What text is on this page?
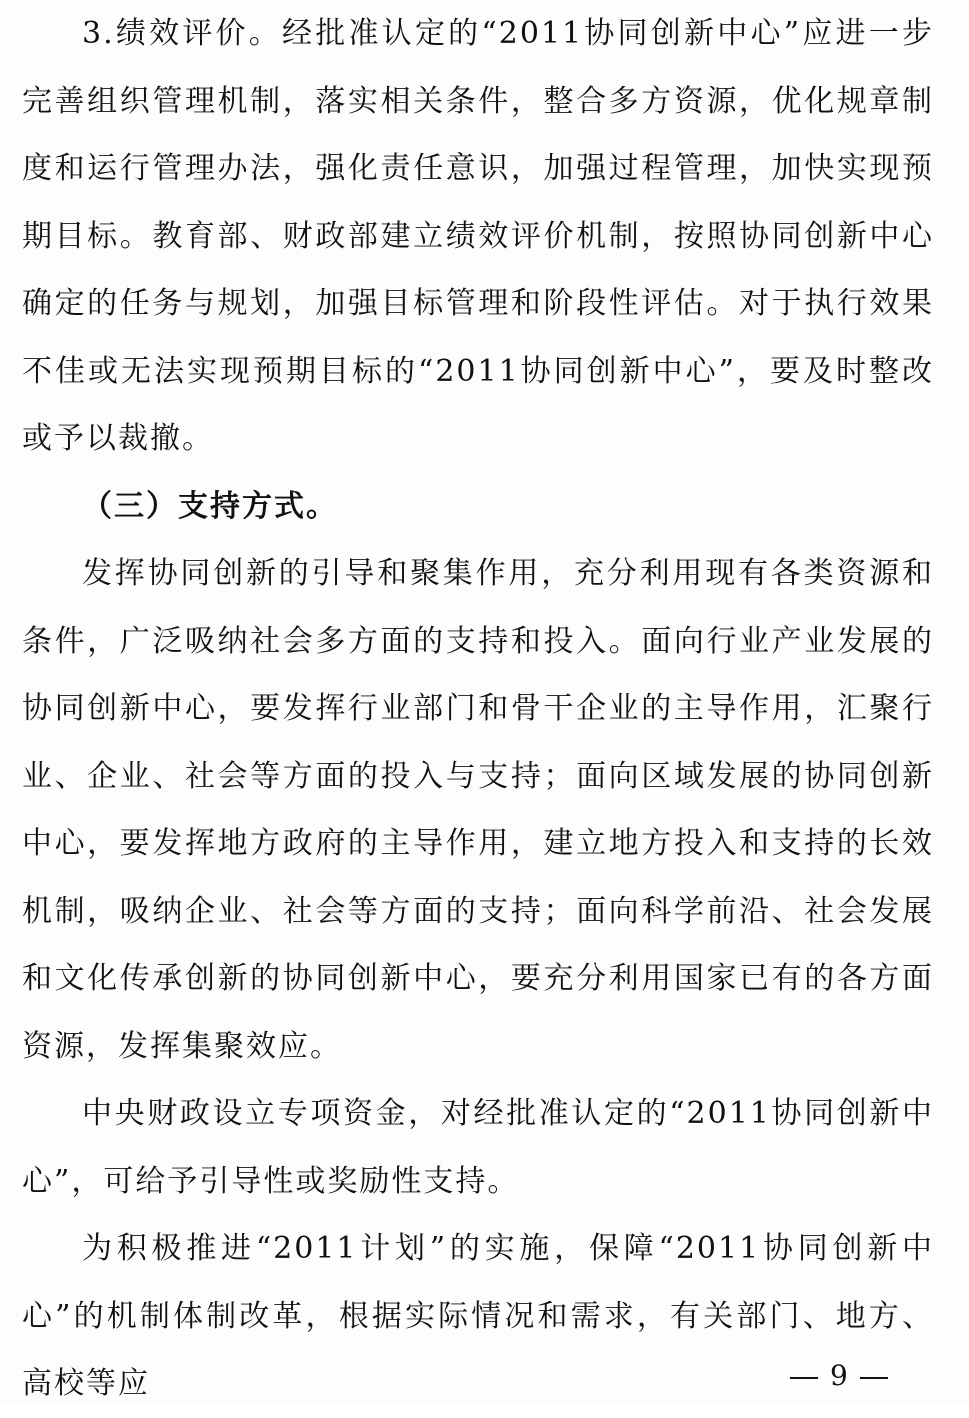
3.绩效评价。经批准认定的“2011协同创新中心”应进一步完善组织管理机制，落实相关条件，整合多方资源，优化规章制度和运行管理办法，强化责任意识，加强过程管理，加快实现预期目标。教育部、财政部建立绩效评价机制，按照协同创新中心确定的任务与规划，加强目标管理和阶段性评估。对于执行效果不佳或无法实现预期目标的“2011协同创新中心”，要及时整改或予以裁撤。

（三）支持方式。

发挥协同创新的引导和聚集作用，充分利用现有各类资源和条件，广泛吸纳社会多方面的支持和投入。面向行业产业发展的协同创新中心，要发挥行业部门和骨干企业的主导作用，汇聚行业、企业、社会等方面的投入与支持；面向区域发展的协同创新中心，要发挥地方政府的主导作用，建立地方投入和支持的长效机制，吸纳企业、社会等方面的支持；面向科学前沿、社会发展和文化传承创新的协同创新中心，要充分利用国家已有的各方面资源，发挥集聚效应。

中央财政设立专项资金，对经批准认定的“2011协同创新中心”，可给予引导性或奖励性支持。

为积极推进“2011计划”的实施，保障“2011协同创新中心”的机制体制改革，根据实际情况和需求，有关部门、地方、高校等应	9
